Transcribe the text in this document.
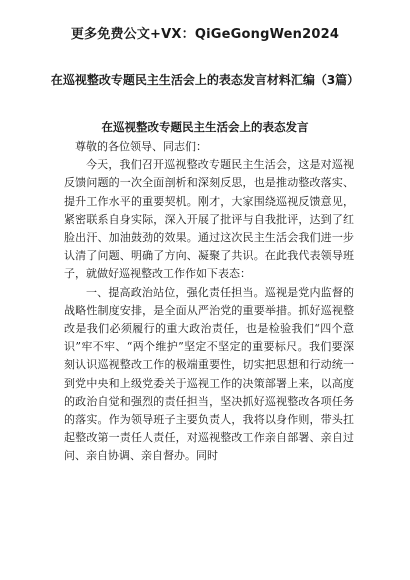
更多免费公文+VX：QiGeGongWen2024
在巡视整改专题民主生活会上的表态发言材料汇编（3篇）
在巡视整改专题民主生活会上的表态发言

尊敬的各位领导、同志们：

今天，我们召开巡视整改专题民主生活会，这是对巡视反馈问题的一次全面剖析和深刻反思，也是推动整改落实、提升工作水平的重要契机。刚才，大家围绕巡视反馈意见，紧密联系自身实际，深入开展了批评与自我批评，达到了红脸出汗、加油鼓劲的效果。通过这次民主生活会我们进一步认清了问题、明确了方向、凝聚了共识。在此我代表领导班子，就做好巡视整改工作作如下表态：

一、提高政治站位，强化责任担当。巡视是党内监督的战略性制度安排，是全面从严治党的重要举措。抓好巡视整改是我们必须履行的重大政治责任，也是检验我们“四个意识”牢不牢、“两个维护”坚定不坚定的重要标尺。我们要深刻认识巡视整改工作的极端重要性，切实把思想和行动统一到党中央和上级党委关于巡视工作的决策部署上来，以高度的政治自觉和强烈的责任担当，坚决抓好巡视整改各项任务的落实。作为领导班子主要负责人，我将以身作则，带头扛起整改第一责任人责任，对巡视整改工作亲自部署、亲自过问、亲自协调、亲自督办。同时
